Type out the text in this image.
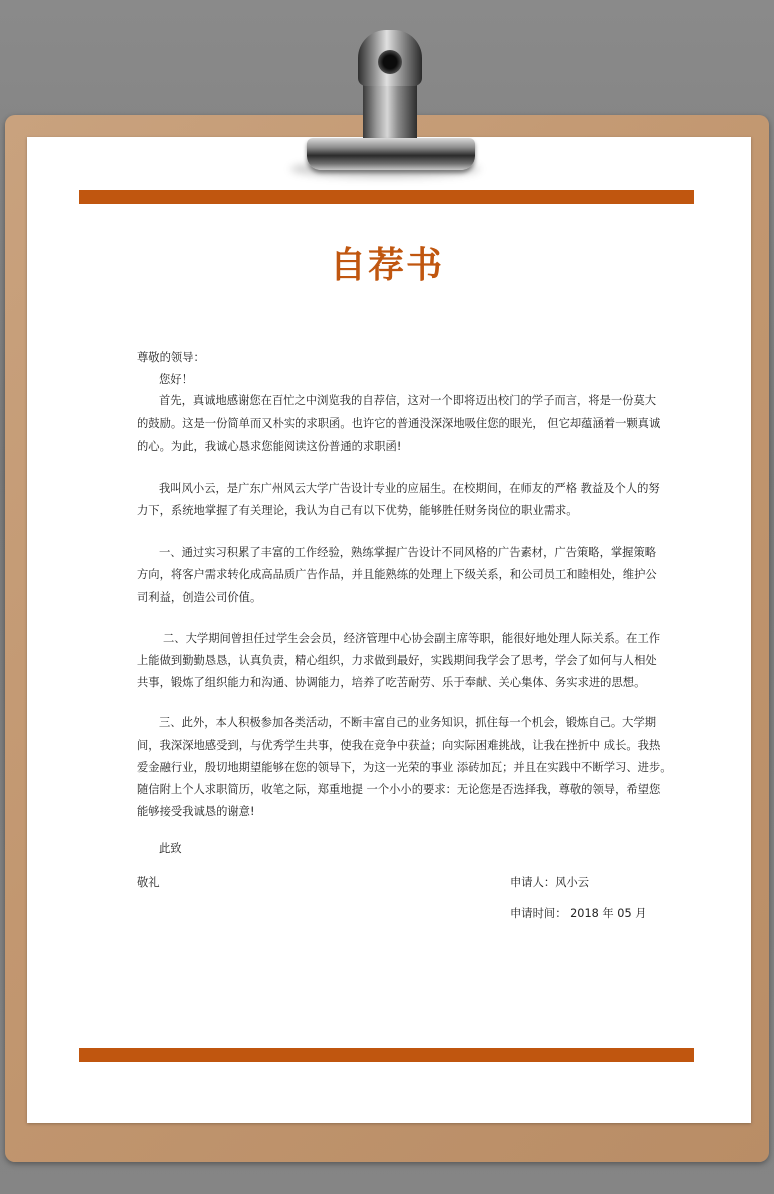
自荐书
尊敬的领导：
您好！
首先，真诚地感谢您在百忙之中浏览我的自荐信，这对一个即将迈出校门的学子而言，将是一份莫大
的鼓励。这是一份简单而又朴实的求职函。也许它的普通没深深地吸住您的眼光， 但它却蕴涵着一颗真诚
的心。为此，我诚心恳求您能阅读这份普通的求职函!
我叫风小云，是广东广州风云大学广告设计专业的应届生。在校期间，在师友的严格 教益及个人的努
力下，系统地掌握了有关理论，我认为自己有以下优势，能够胜任财务岗位的职业需求。
一、通过实习积累了丰富的工作经验，熟练掌握广告设计不同风格的广告素材，广告策略，掌握策略
方向，将客户需求转化成高品质广告作品，并且能熟练的处理上下级关系，和公司员工和睦相处，维护公
司利益，创造公司价值。
二、大学期间曾担任过学生会会员，经济管理中心协会副主席等职，能很好地处理人际关系。在工作
上能做到勤勤恳恳，认真负责，精心组织，力求做到最好，实践期间我学会了思考，学会了如何与人相处
共事，锻炼了组织能力和沟通、协调能力，培养了吃苦耐劳、乐于奉献、关心集体、务实求进的思想。
三、此外，本人积极参加各类活动，不断丰富自己的业务知识，抓住每一个机会，锻炼自己。大学期
间，我深深地感受到，与优秀学生共事，使我在竞争中获益；向实际困难挑战，让我在挫折中 成长。我热
爱金融行业，殷切地期望能够在您的领导下，为这一光荣的事业 添砖加瓦；并且在实践中不断学习、进步。
随信附上个人求职简历，收笔之际，郑重地提 一个小小的要求：无论您是否选择我，尊敬的领导，希望您
能够接受我诚恳的谢意!
此致
敬礼	申请人：风小云
申请时间： 2018 年 05 月
